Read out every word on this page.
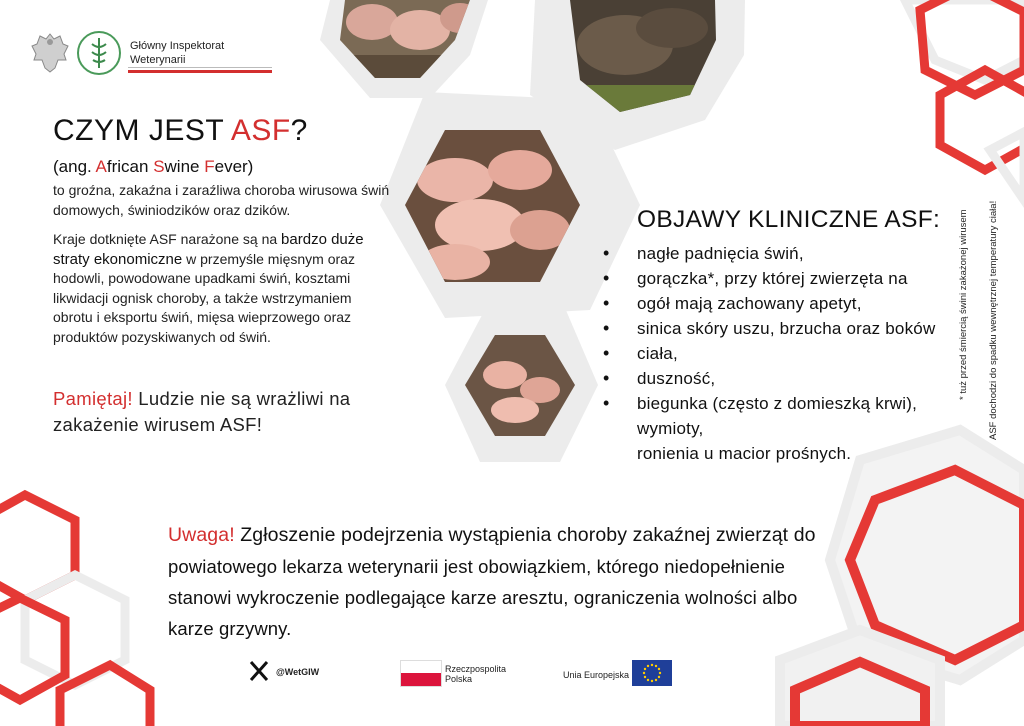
Główny Inspektorat
Weterynarii
CZYM JEST ASF?
(ang. African Swine Fever)
to groźna, zakaźna i zaraźliwa choroba wirusowa świń domowych, świniodzików oraz dzików.
Kraje dotknięte ASF narażone są na bardzo duże straty ekonomiczne w przemyśle mięsnym oraz hodowli, powodowane upadkami świń, kosztami likwidacji ognisk choroby, a także wstrzymaniem obrotu i eksportu świń, mięsa wieprzowego oraz produktów pozyskiwanych od świń.
Pamiętaj! Ludzie nie są wrażliwi na zakażenie wirusem ASF!
OBJAWY KLINICZNE ASF:
• nagłe padnięcia świń,
• gorączka*, przy której zwierzęta na
• ogół mają zachowany apetyt,
• sinica skóry uszu, brzucha oraz boków
• ciała,
• duszność,
• biegunka (często z domieszką krwi),
wymioty,
ronienia u macior prośnych.
* tuż przed śmiercią świni zakażonej wirusem ASF dochodzi do spadku wewnętrznej temperatury ciała!
Uwaga! Zgłoszenie podejrzenia wystąpienia choroby zakaźnej zwierząt do
powiatowego lekarza weterynarii jest obowiązkiem, którego niedopełnienie
stanowi wykroczenie podlegające karze aresztu, ograniczenia wolności albo
karze grzywny.
@WetGIW	Rzeczpospolita
Polska	Unia Europejska
